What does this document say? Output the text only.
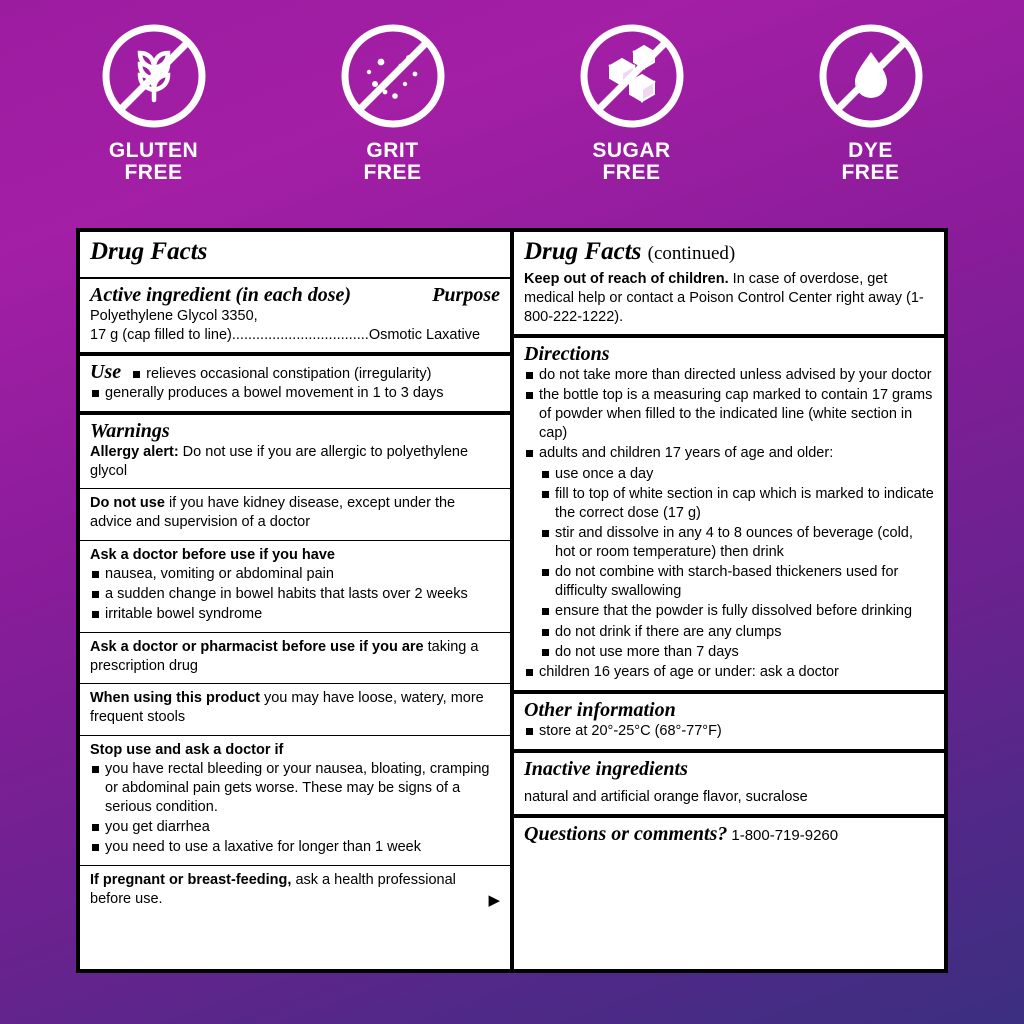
GLUTEN
FREE
GRIT
FREE
SUGAR
FREE
DYE
FREE
Drug Facts
Active ingredient (in each dose)	Purpose
Polyethylene Glycol 3350,
17 g (cap filled to line)..................................Osmotic Laxative
Use	relieves occasional constipation (irregularity)
generally produces a bowel movement in 1 to 3 days
Warnings
Allergy alert: Do not use if you are allergic to polyethylene glycol
Do not use if you have kidney disease, except under the advice and supervision of a doctor
Ask a doctor before use if you have
nausea, vomiting or abdominal pain
a sudden change in bowel habits that lasts over 2 weeks
irritable bowel syndrome
Ask a doctor or pharmacist before use if you are taking a prescription drug
When using this product you may have loose, watery, more frequent stools
Stop use and ask a doctor if
you have rectal bleeding or your nausea, bloating, cramping or abdominal pain gets worse. These may be signs of a serious condition.
you get diarrhea
you need to use a laxative for longer than 1 week
If pregnant or breast-feeding, ask a health professional before use.	▶
Drug Facts (continued)
Keep out of reach of children. In case of overdose, get medical help or contact a Poison Control Center right away (1-800-222-1222).
Directions
do not take more than directed unless advised by your doctor
the bottle top is a measuring cap marked to contain 17 grams of powder when filled to the indicated line (white section in cap)
adults and children 17 years of age and older:
use once a day
fill to top of white section in cap which is marked to indicate the correct dose (17 g)
stir and dissolve in any 4 to 8 ounces of beverage (cold, hot or room temperature) then drink
do not combine with starch-based thickeners used for difficulty swallowing
ensure that the powder is fully dissolved before drinking
do not drink if there are any clumps
do not use more than 7 days
children 16 years of age or under: ask a doctor
Other information
store at 20°-25°C (68°-77°F)
Inactive ingredients
natural and artificial orange flavor, sucralose
Questions or comments? 1-800-719-9260
